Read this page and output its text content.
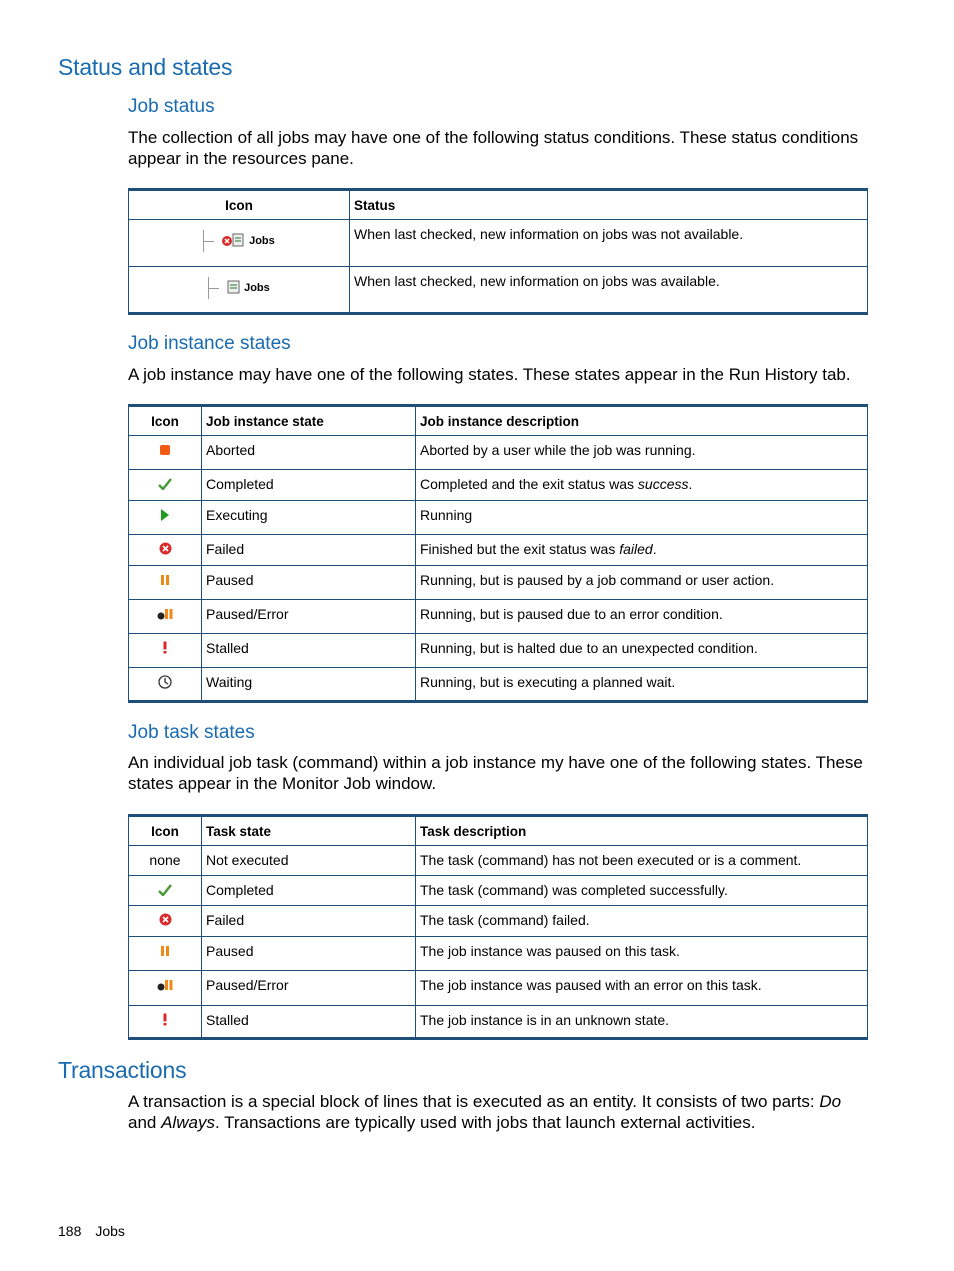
Status and states
Job status

The collection of all jobs may have one of the following status conditions. These status conditions appear in the resources pane.

Icon	Status
Jobs	When last checked, new information on jobs was not available.
Jobs	When last checked, new information on jobs was available.
Job instance states

A job instance may have one of the following states. These states appear in the Run History tab.

Icon	Job instance state	Job instance description
	Aborted	Aborted by a user while the job was running.
	Completed	Completed and the exit status was success.
	Executing	Running
	Failed	Finished but the exit status was failed.
	Paused	Running, but is paused by a job command or user action.
	Paused/Error	Running, but is paused due to an error condition.
	Stalled	Running, but is halted due to an unexpected condition.
	Waiting	Running, but is executing a planned wait.
Job task states

An individual job task (command) within a job instance my have one of the following states. These states appear in the Monitor Job window.

Icon	Task state	Task description
none	Not executed	The task (command) has not been executed or is a comment.
	Completed	The task (command) was completed successfully.
	Failed	The task (command) failed.
	Paused	The job instance was paused on this task.
	Paused/Error	The job instance was paused with an error on this task.
	Stalled	The job instance is in an unknown state.
Transactions

A transaction is a special block of lines that is executed as an entity. It consists of two parts: Do and Always. Transactions are typically used with jobs that launch external activities.

188 Jobs
